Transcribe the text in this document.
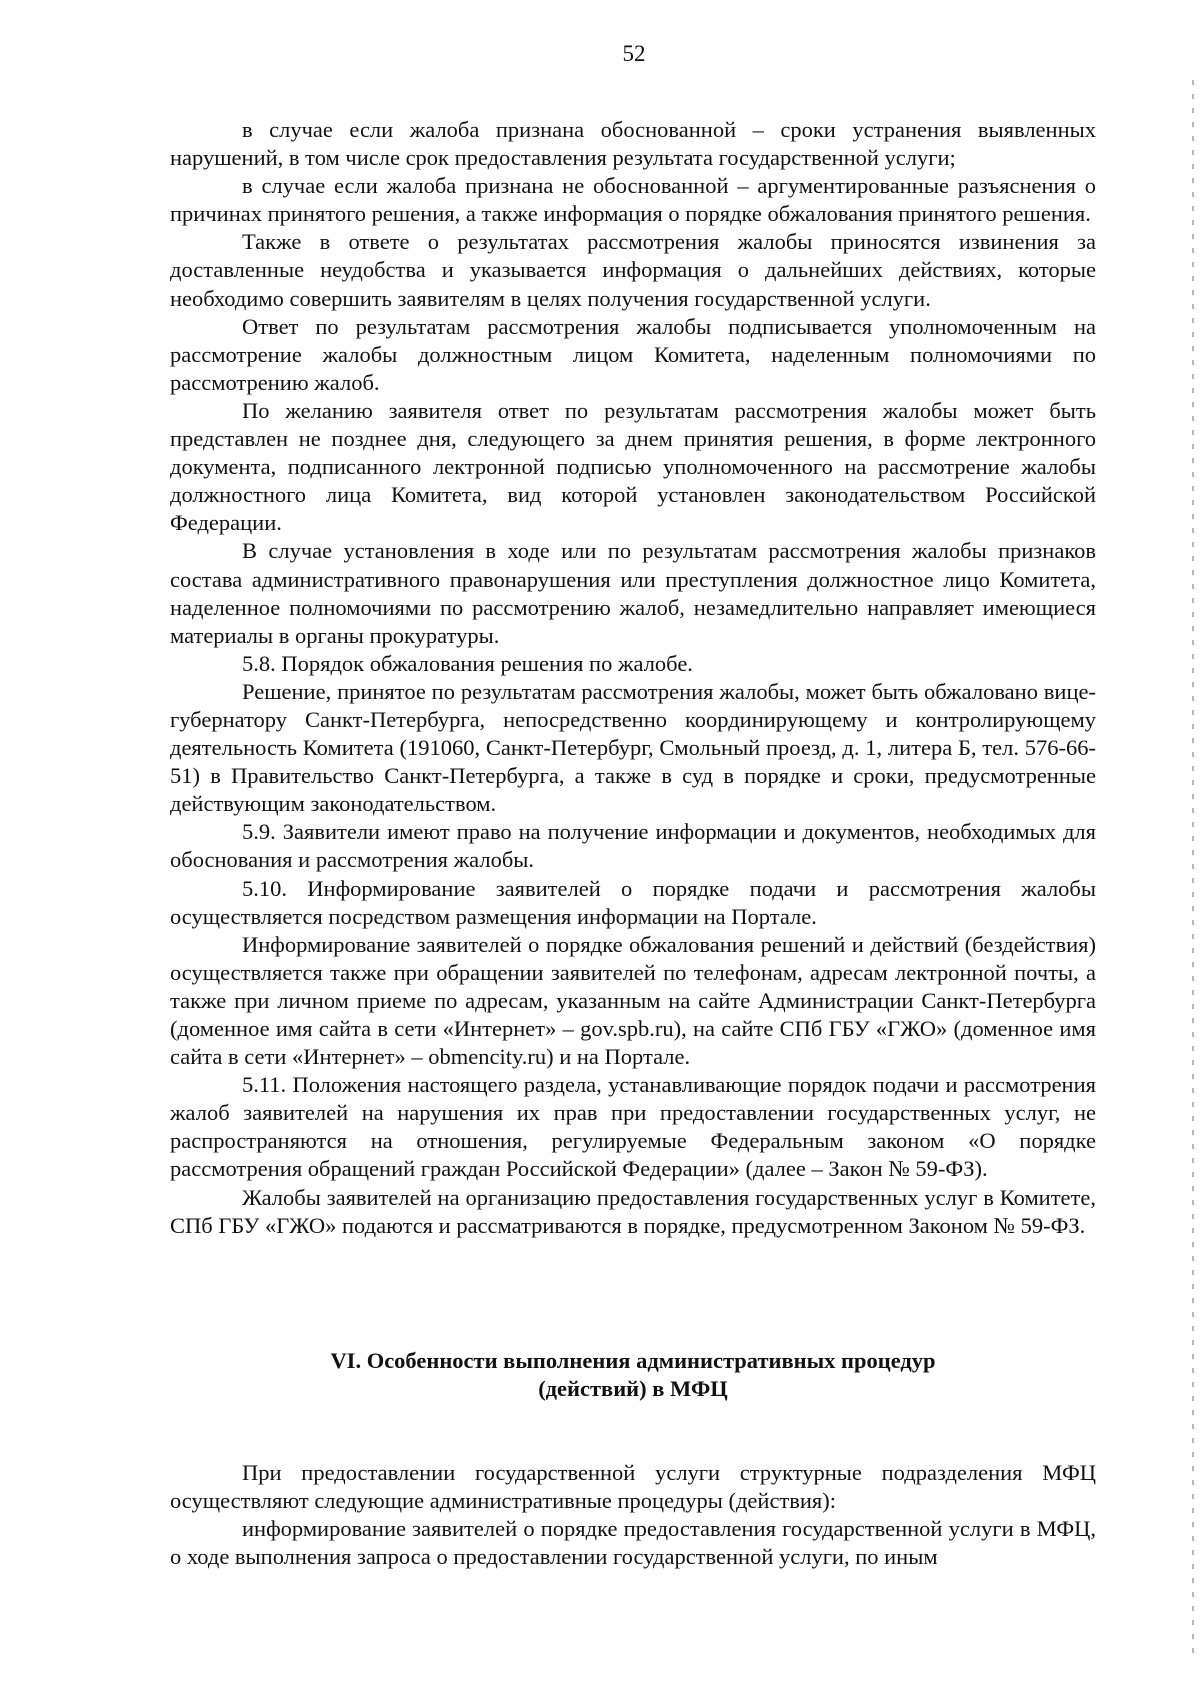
52

в случае если жалоба признана обоснованной – сроки устранения выявленных нарушений, в том числе срок предоставления результата государственной услуги;

в случае если жалоба признана не обоснованной – аргументированные разъяснения о причинах принятого решения, а также информация о порядке обжалования принятого решения.

Также в ответе о результатах рассмотрения жалобы приносятся извинения за доставленные неудобства и указывается информация о дальнейших действиях, которые необходимо совершить заявителям в целях получения государственной услуги.

Ответ по результатам рассмотрения жалобы подписывается уполномоченным на рассмотрение жалобы должностным лицом Комитета, наделенным полномочиями по рассмотрению жалоб.

По желанию заявителя ответ по результатам рассмотрения жалобы может быть представлен не позднее дня, следующего за днем принятия решения, в форме лектронного документа, подписанного лектронной подписью уполномоченного на рассмотрение жалобы должностного лица Комитета, вид которой установлен законодательством Российской Федерации.

В случае установления в ходе или по результатам рассмотрения жалобы признаков состава административного правонарушения или преступления должностное лицо Комитета, наделенное полномочиями по рассмотрению жалоб, незамедлительно направляет имеющиеся материалы в органы прокуратуры.

5.8. Порядок обжалования решения по жалобе.

Решение, принятое по результатам рассмотрения жалобы, может быть обжаловано вице-губернатору Санкт-Петербурга, непосредственно координирующему и контролирующему деятельность Комитета (191060, Санкт-Петербург, Смольный проезд, д. 1, литера Б, тел. 576-66-51) в Правительство Санкт-Петербурга, а также в суд в порядке и сроки, предусмотренные действующим законодательством.

5.9. Заявители имеют право на получение информации и документов, необходимых для обоснования и рассмотрения жалобы.

5.10. Информирование заявителей о порядке подачи и рассмотрения жалобы осуществляется посредством размещения информации на Портале.

Информирование заявителей о порядке обжалования решений и действий (бездействия) осуществляется также при обращении заявителей по телефонам, адресам лектронной почты, а также при личном приеме по адресам, указанным на сайте Администрации Санкт-Петербурга (доменное имя сайта в сети «Интернет» – gov.spb.ru), на сайте СПб ГБУ «ГЖО» (доменное имя сайта в сети «Интернет» – obmencity.ru) и на Портале.

5.11. Положения настоящего раздела, устанавливающие порядок подачи и рассмотрения жалоб заявителей на нарушения их прав при предоставлении государственных услуг, не распространяются на отношения, регулируемые Федеральным законом «О порядке рассмотрения обращений граждан Российской Федерации» (далее – Закон № 59-ФЗ).

Жалобы заявителей на организацию предоставления государственных услуг в Комитете, СПб ГБУ «ГЖО» подаются и рассматриваются в порядке, предусмотренном Законом № 59-ФЗ.

VI. Особенности выполнения административных процедур
(действий) в МФЦ

При предоставлении государственной услуги структурные подразделения МФЦ осуществляют следующие административные процедуры (действия):

информирование заявителей о порядке предоставления государственной услуги в МФЦ, о ходе выполнения запроса о предоставлении государственной услуги, по иным
